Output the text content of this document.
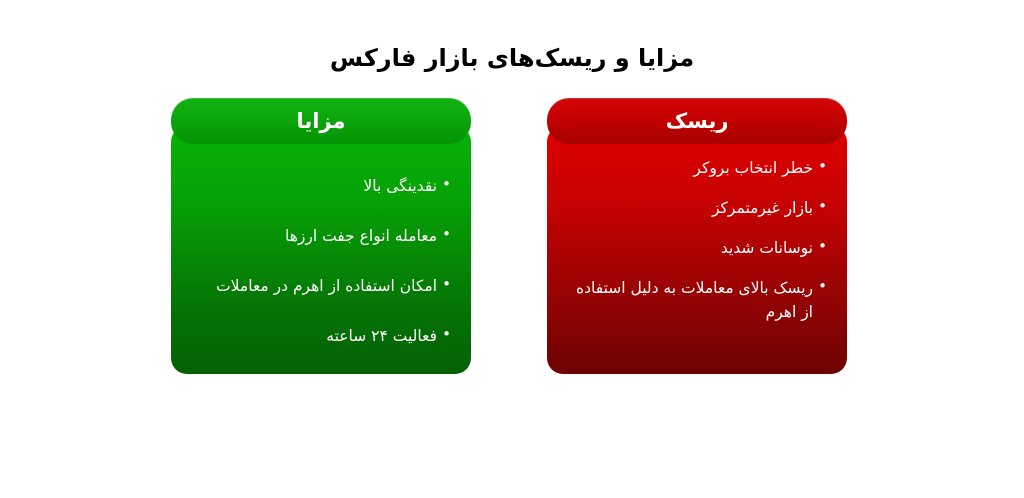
مزایا و ریسک‌های بازار فارکس
ریسک
• خطر انتخاب بروکر
• بازار غیرمتمرکز
• نوسانات شدید
• ریسک بالای معاملات به دلیل استفاده از اهرم
مزایا
• نقدینگی بالا
• معامله انواع جفت ارزها
• امکان استفاده از اهرم در معاملات
• فعالیت ۲۴ ساعته
